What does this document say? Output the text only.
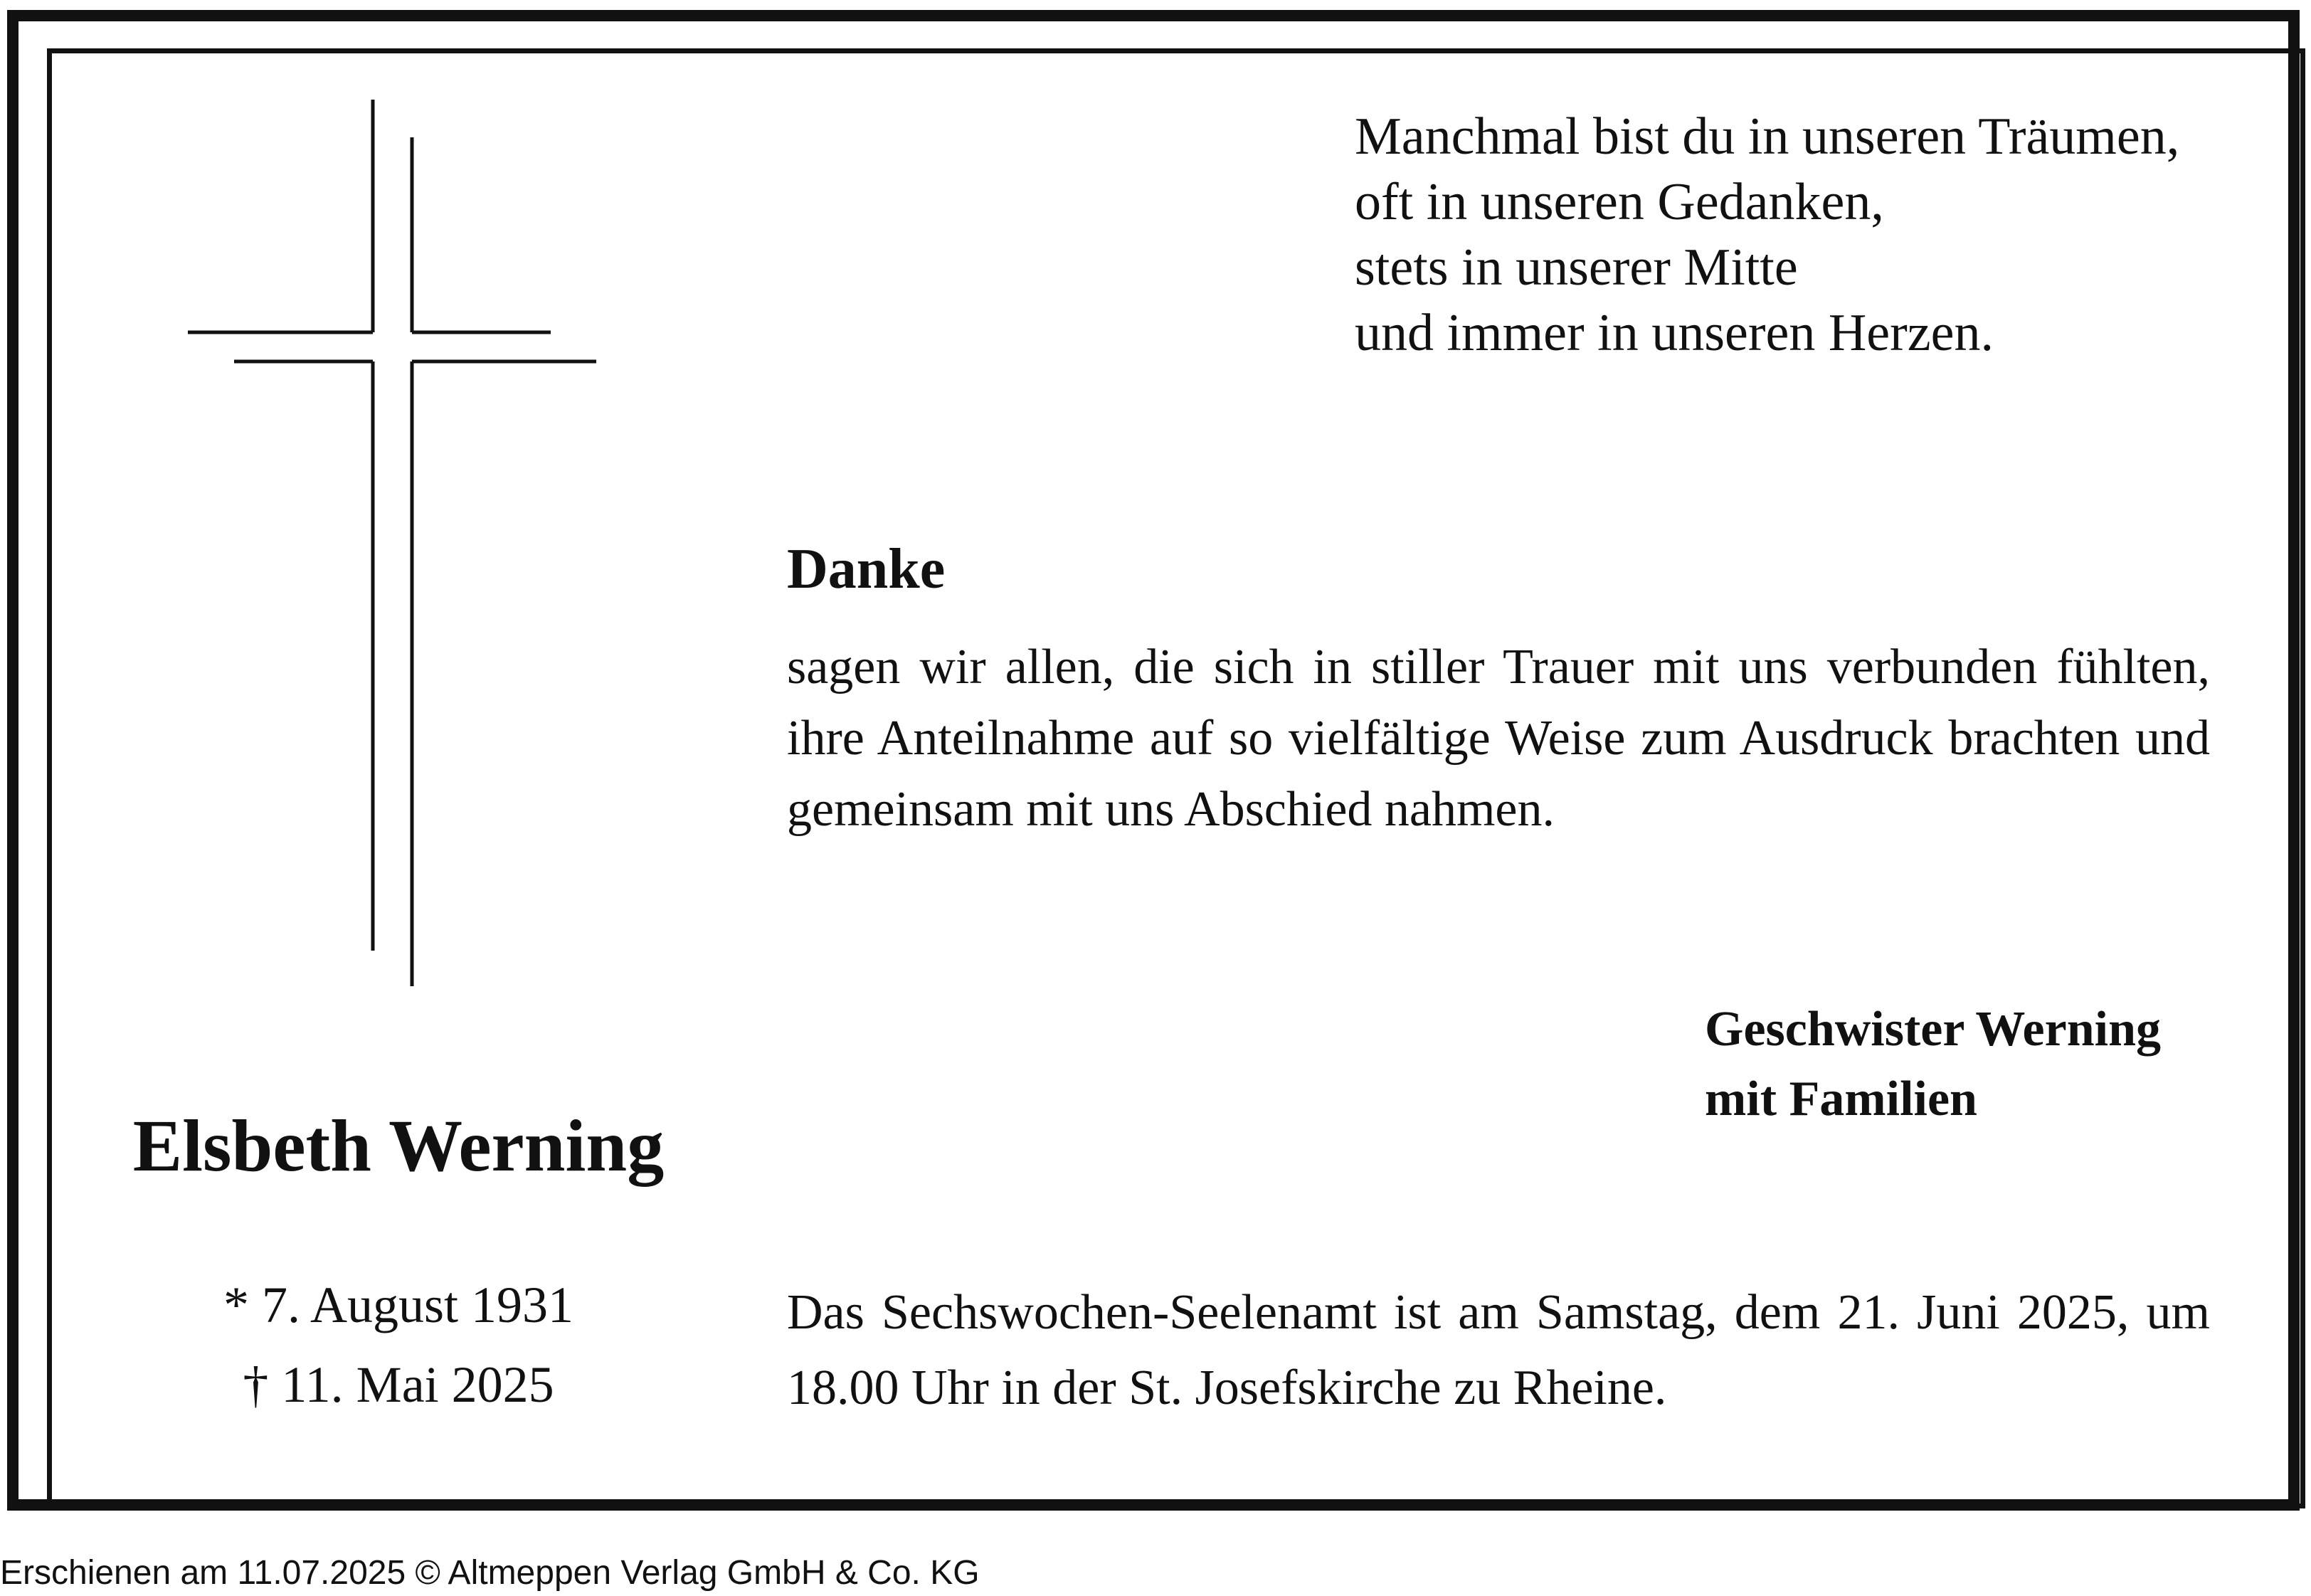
Manchmal bist du in unseren Träumen,
oft in unseren Gedanken,
stets in unserer Mitte
und immer in unseren Herzen.
Danke
sagen wir allen, die sich in stiller Trauer mit uns verbunden fühlten, ihre Anteilnahme auf so vielfältige Weise zum Ausdruck brachten und gemeinsam mit uns Abschied nahmen.
Geschwister Werning
mit Familien
Elsbeth Werning
* 7. August 1931
† 11. Mai 2025
Das Sechswochen-Seelenamt ist am Samstag, dem 21. Juni 2025, um 18.00 Uhr in der St. Josefskirche zu Rheine.
Erschienen am 11.07.2025 © Altmeppen Verlag GmbH & Co. KG
